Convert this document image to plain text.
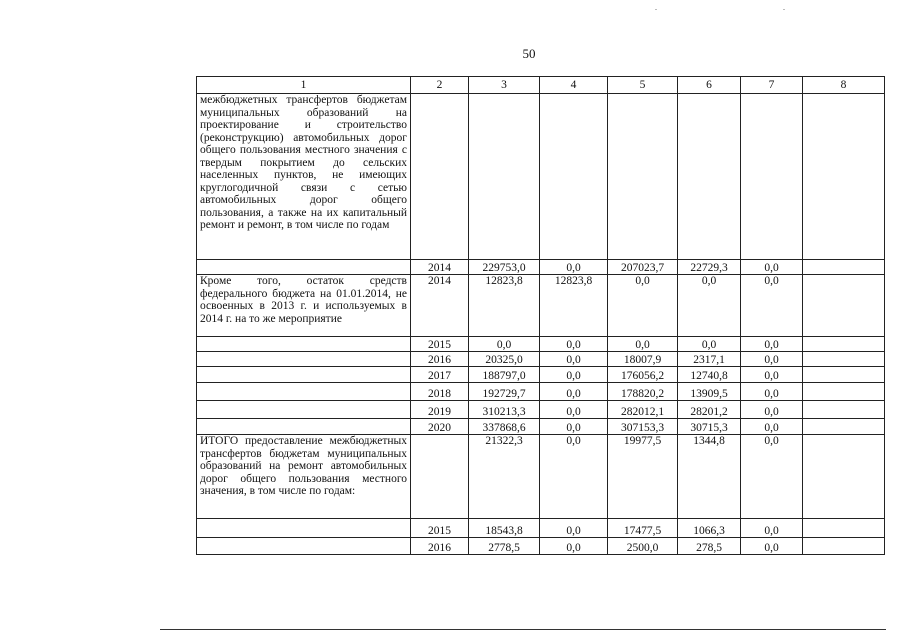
50
1	2	3	4	5	6	7	8
межбюджетных трансфертов бюджетам муниципальных образований на проектирование и строительство (реконструкцию) автомобильных дорог общего пользования местного значения с твердым покрытием до сельских населенных пунктов, не имеющих круглогодичной связи с сетью автомобильных дорог общего пользования, а также на их капитальный ремонт и ремонт, в том числе по годам							
	2014	229753,0	0,0	207023,7	22729,3	0,0	
Кроме того, остаток средств федерального бюджета на 01.01.2014, не освоенных в 2013 г. и используемых в 2014 г. на то же мероприятие	2014	12823,8	12823,8	0,0	0,0	0,0	
	2015	0,0	0,0	0,0	0,0	0,0	
	2016	20325,0	0,0	18007,9	2317,1	0,0	
	2017	188797,0	0,0	176056,2	12740,8	0,0	
	2018	192729,7	0,0	178820,2	13909,5	0,0	
	2019	310213,3	0,0	282012,1	28201,2	0,0	
	2020	337868,6	0,0	307153,3	30715,3	0,0	
ИТОГО предоставление межбюджетных трансфертов бюджетам муниципальных образований на ремонт автомобильных дорог общего пользования местного значения, в том числе по годам:		21322,3	0,0	19977,5	1344,8	0,0	
	2015	18543,8	0,0	17477,5	1066,3	0,0	
	2016	2778,5	0,0	2500,0	278,5	0,0	
